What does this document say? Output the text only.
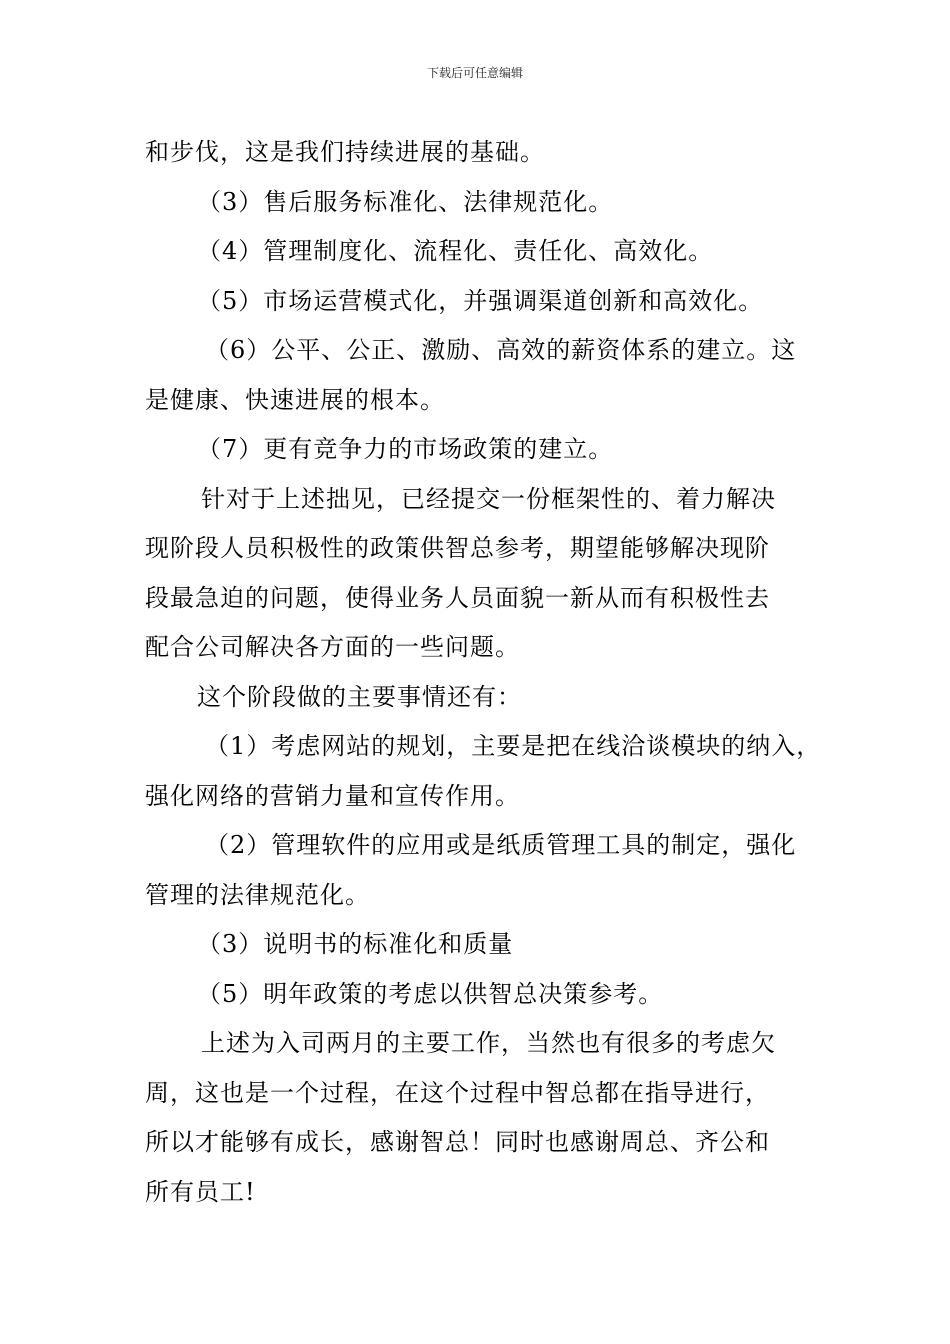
下载后可任意编辑
和步伐，这是我们持续进展的基础。
（3）售后服务标准化、法律规范化。
（4）管理制度化、流程化、责任化、高效化。
（5）市场运营模式化，并强调渠道创新和高效化。
（6）公平、公正、激励、高效的薪资体系的建立。这
是健康、快速进展的根本。
（7）更有竞争力的市场政策的建立。
针对于上述拙见，已经提交一份框架性的、着力解决
现阶段人员积极性的政策供智总参考，期望能够解决现阶
段最急迫的问题，使得业务人员面貌一新从而有积极性去
配合公司解决各方面的一些问题。
这个阶段做的主要事情还有：
（1）考虑网站的规划，主要是把在线洽谈模块的纳入，
强化网络的营销力量和宣传作用。
（2）管理软件的应用或是纸质管理工具的制定，强化
管理的法律规范化。
（3）说明书的标准化和质量
（5）明年政策的考虑以供智总决策参考。
上述为入司两月的主要工作，当然也有很多的考虑欠
周，这也是一个过程，在这个过程中智总都在指导进行，
所以才能够有成长，感谢智总！同时也感谢周总、齐公和
所有员工!
